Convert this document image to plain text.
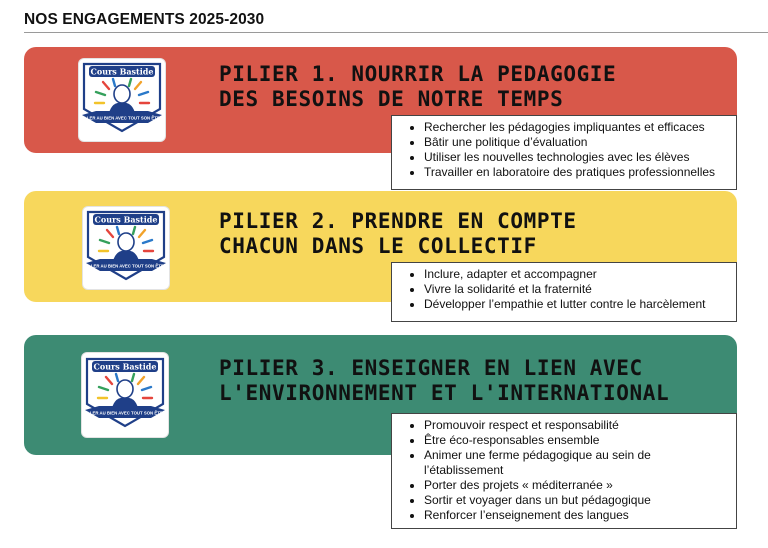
NOS ENGAGEMENTS 2025-2030
Cours Bastide
ALLER AU BIEN AVEC TOUT SON ÊTRE
PILIER 1. NOURRIR LA PEDAGOGIE
DES BESOINS DE NOTRE TEMPS
• Rechercher les pédagogies impliquantes et efficaces
• Bâtir une politique d’évaluation
• Utiliser les nouvelles technologies avec les élèves
• Travailler en laboratoire des pratiques professionnelles
Cours Bastide
ALLER AU BIEN AVEC TOUT SON ÊTRE
PILIER 2. PRENDRE EN COMPTE
CHACUN DANS LE COLLECTIF
• Inclure, adapter et accompagner
• Vivre la solidarité et la fraternité
• Développer l’empathie et lutter contre le harcèlement
Cours Bastide
ALLER AU BIEN AVEC TOUT SON ÊTRE
PILIER 3. ENSEIGNER EN LIEN AVEC
L'ENVIRONNEMENT ET L'INTERNATIONAL
• Promouvoir respect et responsabilité
• Être éco-responsables ensemble
• Animer une ferme pédagogique au sein de l’établissement
• Porter des projets « méditerranée »
• Sortir et voyager dans un but pédagogique
• Renforcer l’enseignement des langues
